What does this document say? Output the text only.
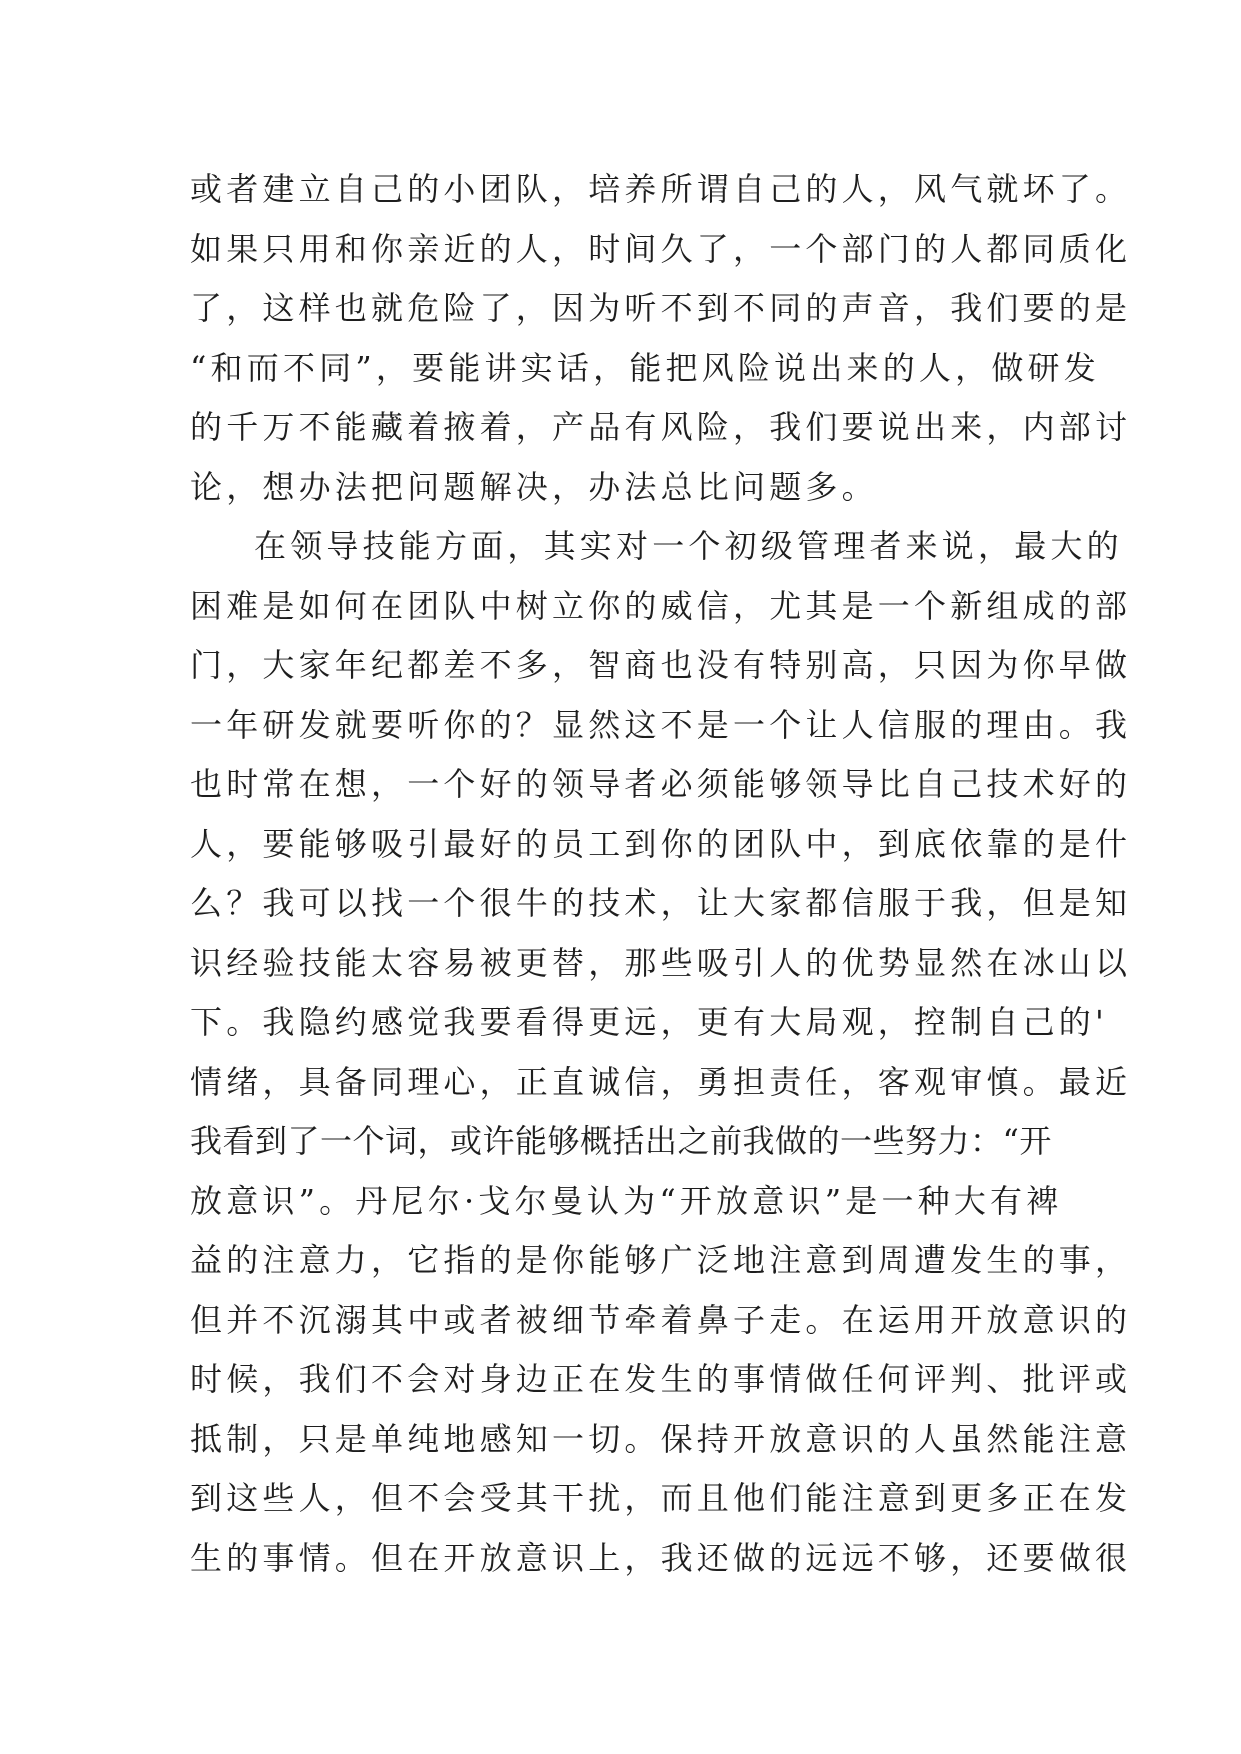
或者建立自己的小团队，培养所谓自己的人，风气就坏了。
如果只用和你亲近的人，时间久了，一个部门的人都同质化
了，这样也就危险了，因为听不到不同的声音，我们要的是
“和而不同”，要能讲实话，能把风险说出来的人，做研发
的千万不能藏着掖着，产品有风险，我们要说出来，内部讨
论，想办法把问题解决，办法总比问题多。
在领导技能方面，其实对一个初级管理者来说，最大的
困难是如何在团队中树立你的威信，尤其是一个新组成的部
门，大家年纪都差不多，智商也没有特别高，只因为你早做
一年研发就要听你的？显然这不是一个让人信服的理由。我
也时常在想，一个好的领导者必须能够领导比自己技术好的
人，要能够吸引最好的员工到你的团队中，到底依靠的是什
么？我可以找一个很牛的技术，让大家都信服于我，但是知
识经验技能太容易被更替，那些吸引人的优势显然在冰山以
下。我隐约感觉我要看得更远，更有大局观，控制自己的'
情绪，具备同理心，正直诚信，勇担责任，客观审慎。最近
我看到了一个词，或许能够概括出之前我做的一些努力：“开
放意识”。丹尼尔·戈尔曼认为“开放意识”是一种大有裨
益的注意力，它指的是你能够广泛地注意到周遭发生的事，
但并不沉溺其中或者被细节牵着鼻子走。在运用开放意识的
时候，我们不会对身边正在发生的事情做任何评判、批评或
抵制，只是单纯地感知一切。保持开放意识的人虽然能注意
到这些人，但不会受其干扰，而且他们能注意到更多正在发
生的事情。但在开放意识上，我还做的远远不够，还要做很
